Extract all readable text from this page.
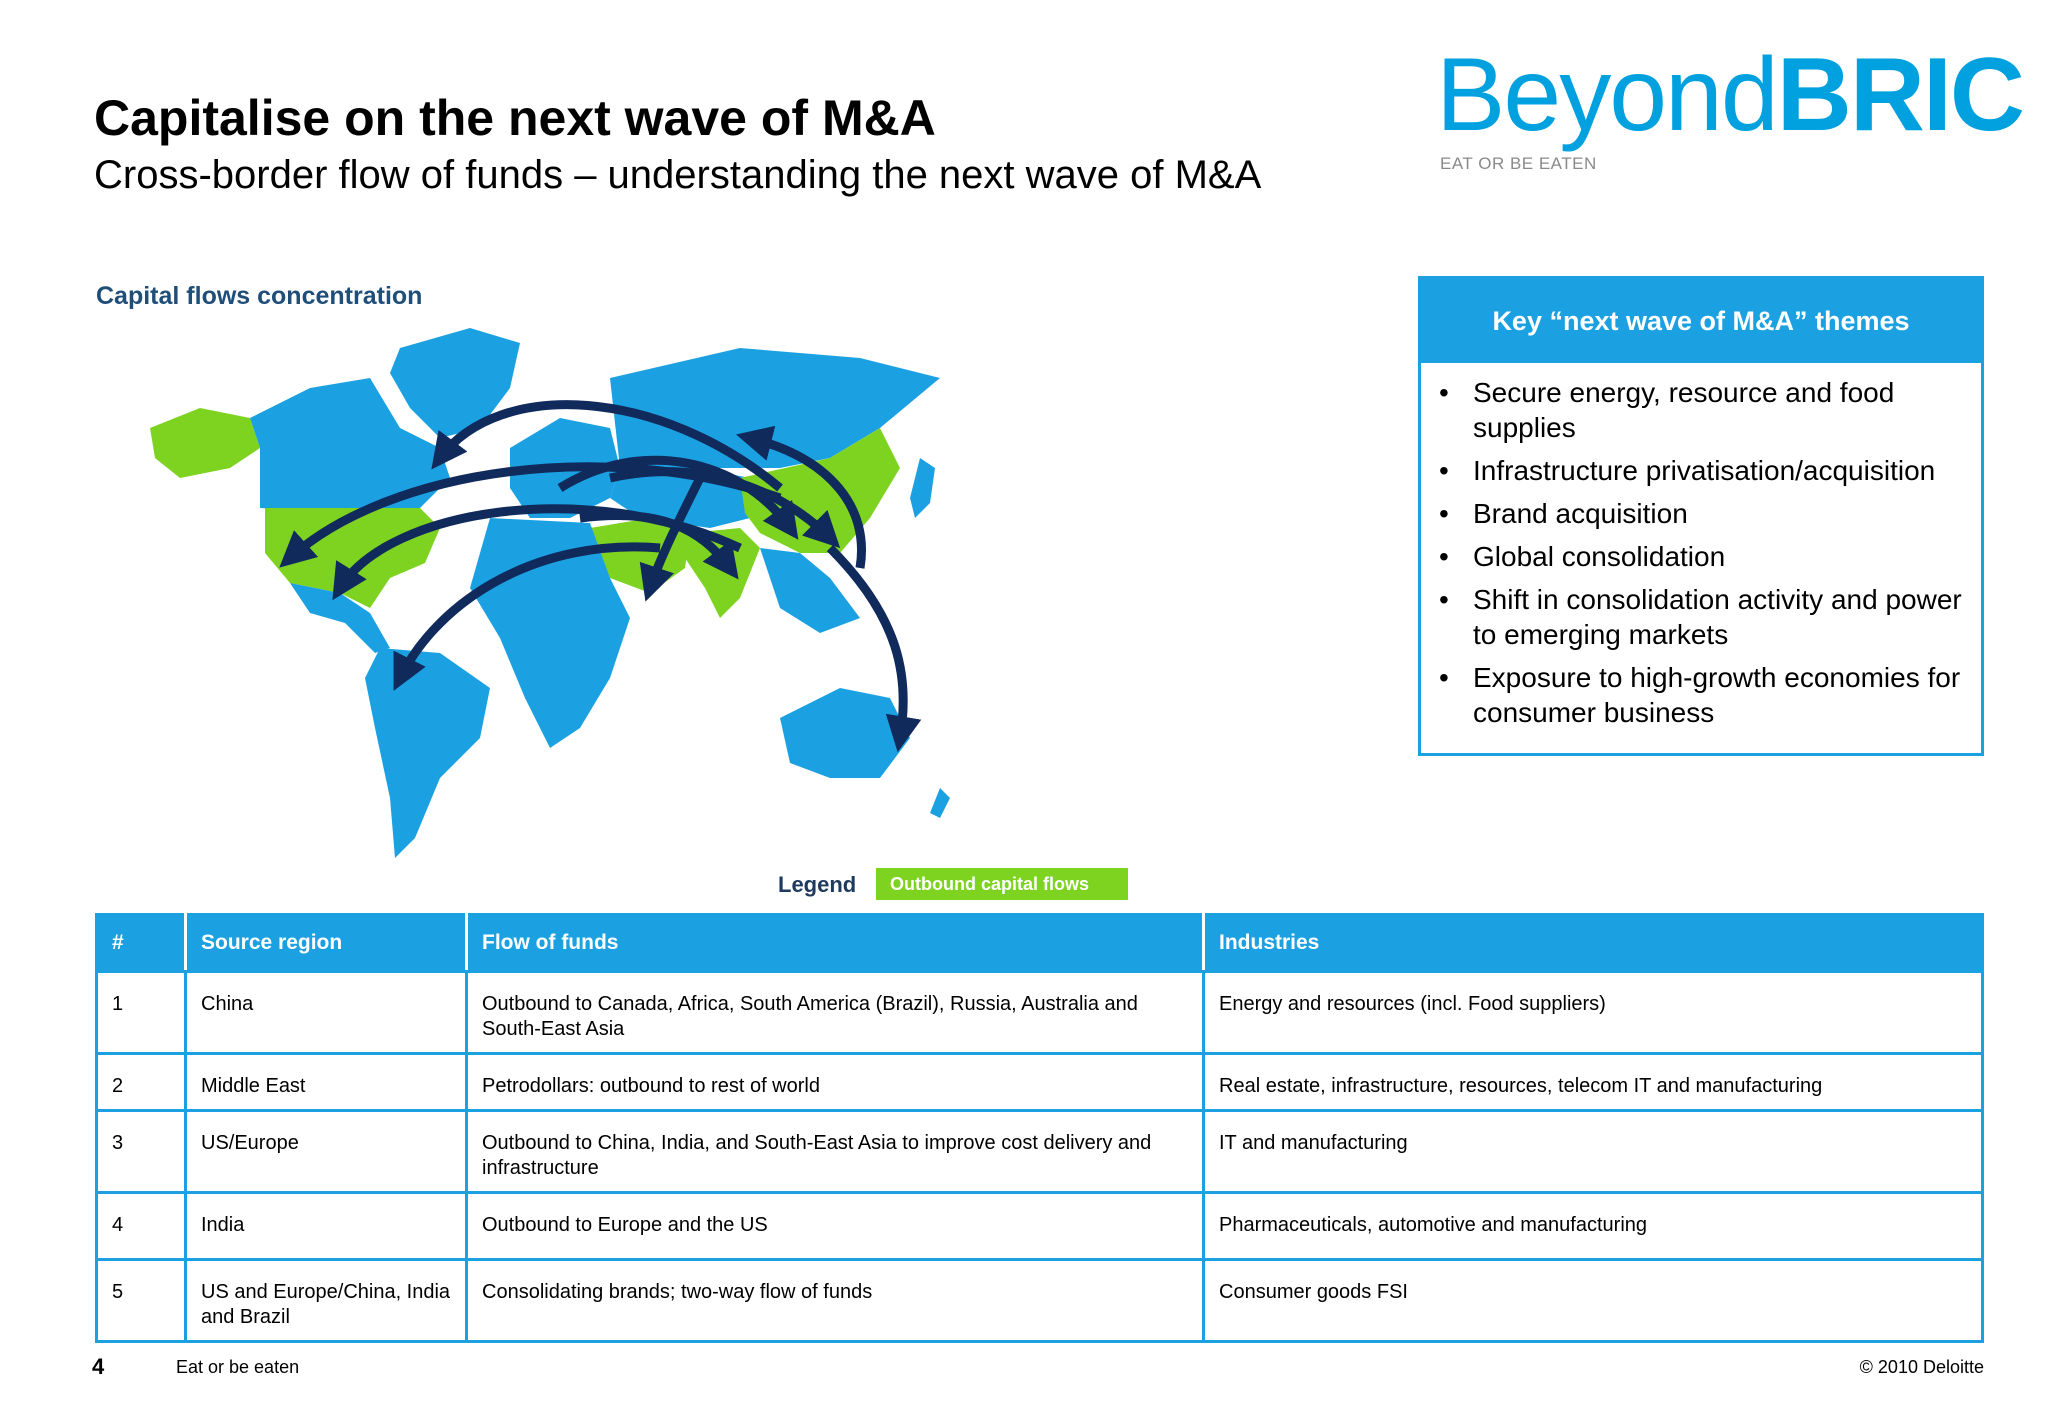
Capitalise on the next wave of M&A
Cross-border flow of funds – understanding the next wave of M&A
BeyondBRIC
EAT OR BE EATEN
Capital flows concentration
Legend	Outbound capital flows
Key “next wave of M&A” themes
• Secure energy, resource and food supplies
• Infrastructure privatisation/acquisition
• Brand acquisition
• Global consolidation
• Shift in consolidation activity and power to emerging markets
• Exposure to high-growth economies for consumer business
#	Source region	Flow of funds	Industries
1	China	Outbound to Canada, Africa, South America (Brazil), Russia, Australia and South-East Asia	Energy and resources (incl. Food suppliers)
2	Middle East	Petrodollars: outbound to rest of world	Real estate, infrastructure, resources, telecom IT and manufacturing
3	US/Europe	Outbound to China, India, and South-East Asia to improve cost delivery and infrastructure	IT and manufacturing
4	India	Outbound to Europe and the US	Pharmaceuticals, automotive and manufacturing
5	US and Europe/China, India and Brazil	Consolidating brands; two-way flow of funds	Consumer goods FSI
4	Eat or be eaten	© 2010 Deloitte
